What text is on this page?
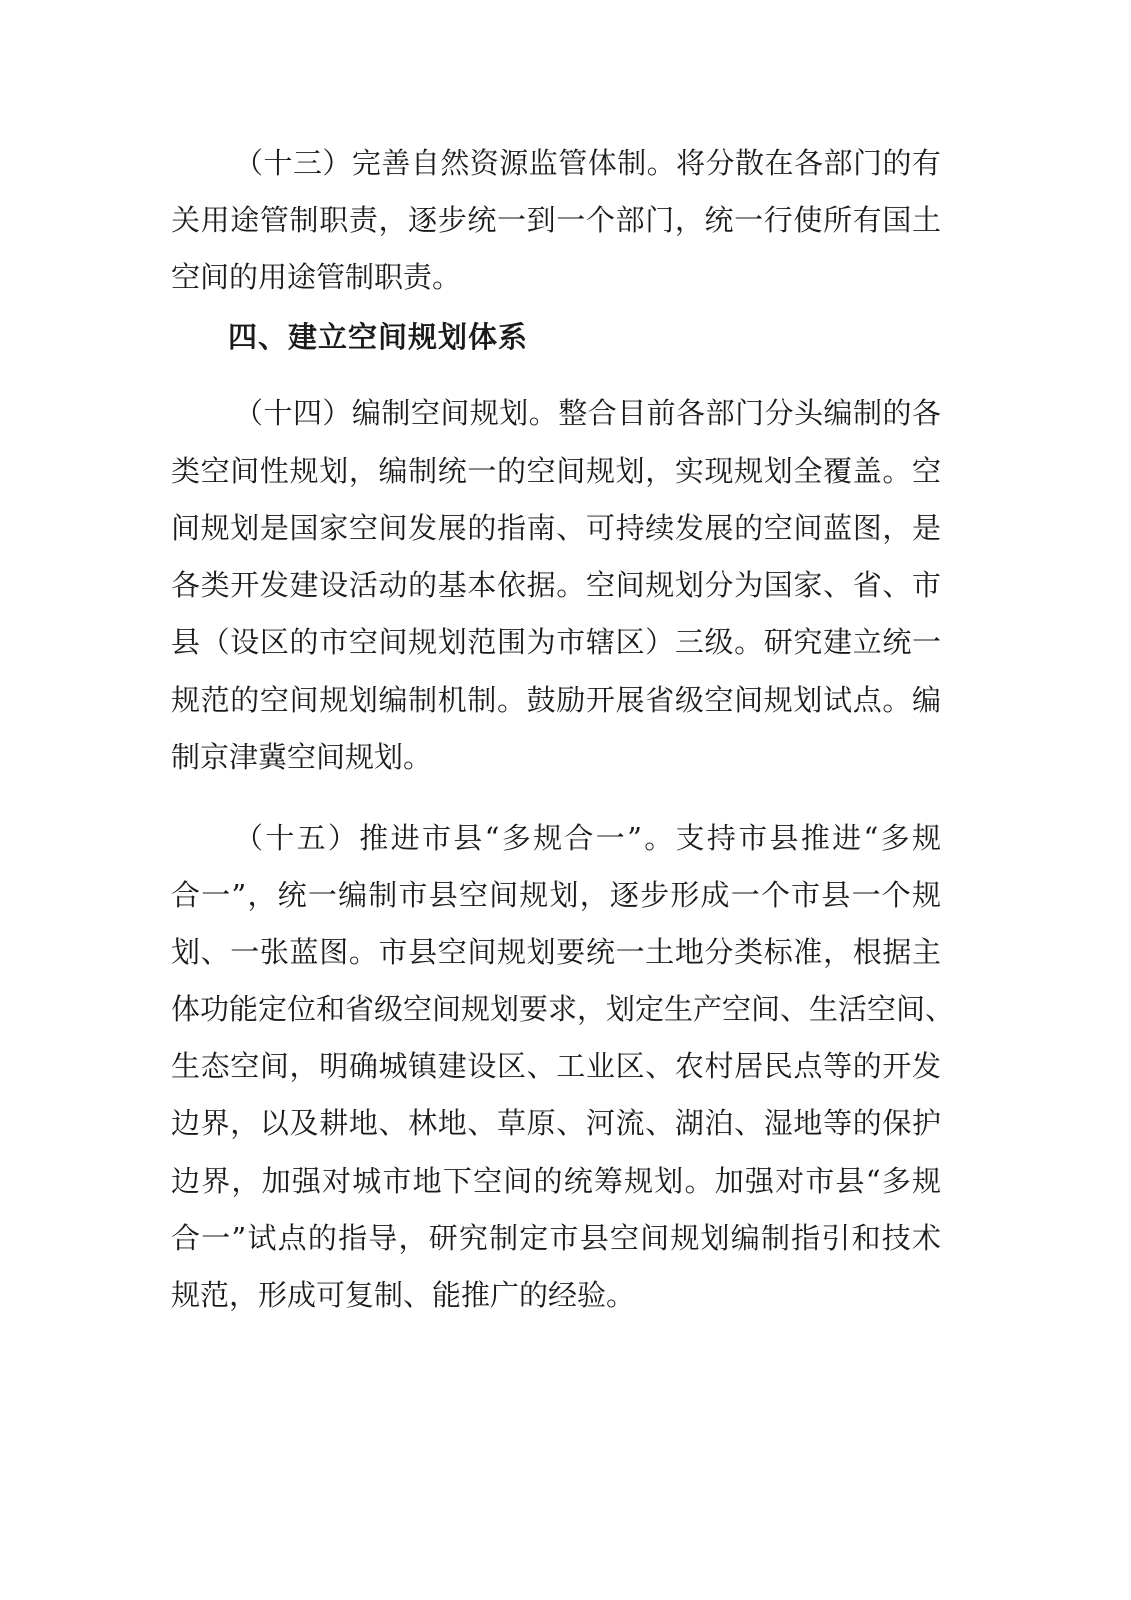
（十三）完善自然资源监管体制。将分散在各部门的有
关用途管制职责，逐步统一到一个部门，统一行使所有国土
空间的用途管制职责。
四、建立空间规划体系
（十四）编制空间规划。整合目前各部门分头编制的各
类空间性规划，编制统一的空间规划，实现规划全覆盖。空
间规划是国家空间发展的指南、可持续发展的空间蓝图，是
各类开发建设活动的基本依据。空间规划分为国家、省、市
县（设区的市空间规划范围为市辖区）三级。研究建立统一
规范的空间规划编制机制。鼓励开展省级空间规划试点。编
制京津冀空间规划。
（十五）推进市县“多规合一”。支持市县推进“多规
合一”，统一编制市县空间规划，逐步形成一个市县一个规
划、一张蓝图。市县空间规划要统一土地分类标准，根据主
体功能定位和省级空间规划要求，划定生产空间、生活空间、
生态空间，明确城镇建设区、工业区、农村居民点等的开发
边界，以及耕地、林地、草原、河流、湖泊、湿地等的保护
边界，加强对城市地下空间的统筹规划。加强对市县“多规
合一”试点的指导，研究制定市县空间规划编制指引和技术
规范，形成可复制、能推广的经验。
